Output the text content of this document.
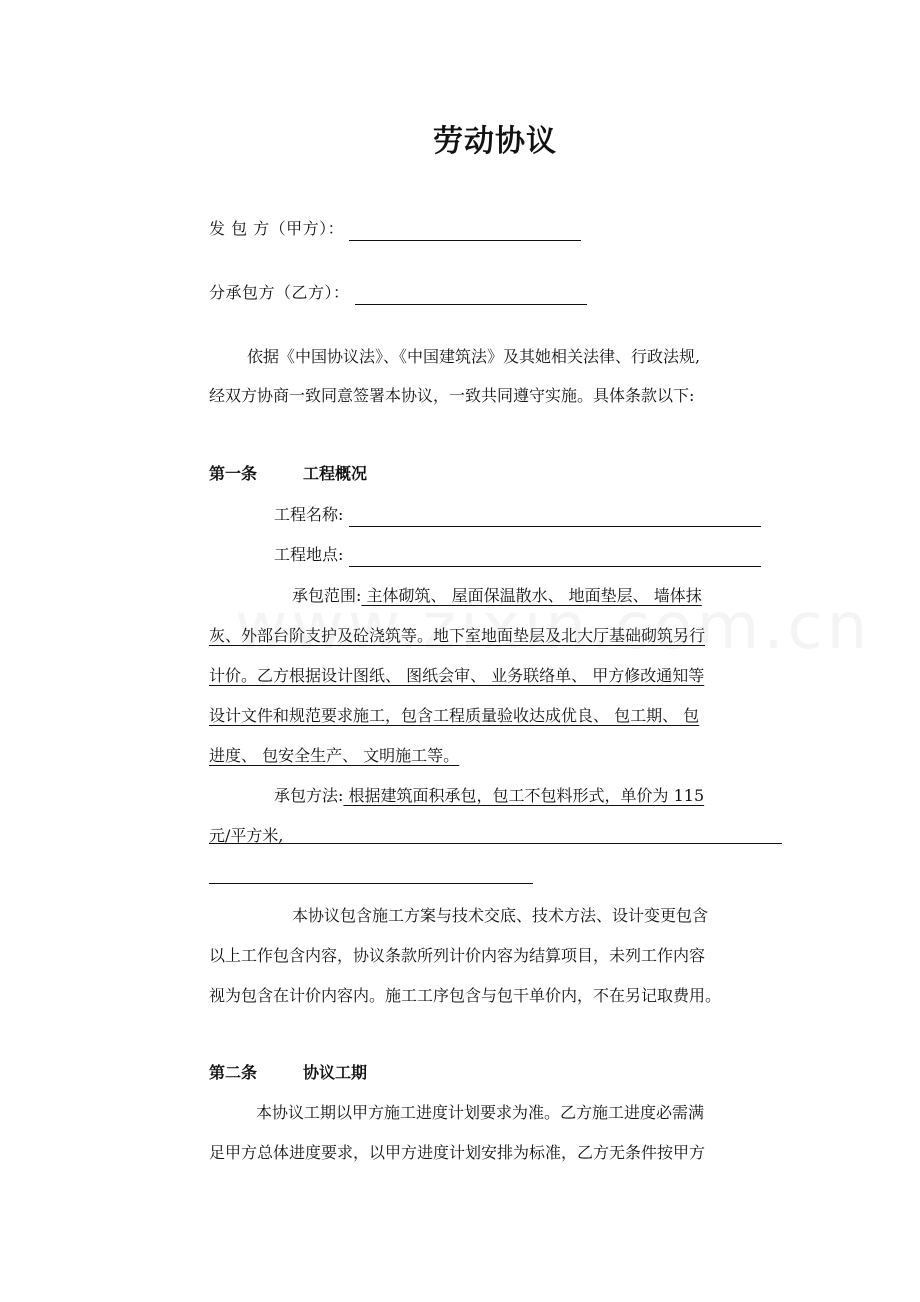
劳动协议
发 包 方（甲方）：
分承包方（乙方）：
依据《中国协议法》、《中国建筑法》及其她相关法律、行政法规,
经双方协商一致同意签署本协议，一致共同遵守实施。具体条款以下:
第一条	工程概况
工程名称:
工程地点:
承包范围: 主体砌筑、 屋面保温散水、 地面垫层、 墙体抹
灰、外部台阶支护及砼浇筑等。地下室地面垫层及北大厅基础砌筑另行
计价。乙方根据设计图纸、 图纸会审、 业务联络单、 甲方修改通知等
设计文件和规范要求施工，包含工程质量验收达成优良、 包工期、 包
进度、 包安全生产、 文明施工等。
承包方法: 根据建筑面积承包，包工不包料形式，单价为 115
元/平方米,
本协议包含施工方案与技术交底、技术方法、设计变更包含
以上工作包含内容，协议条款所列计价内容为结算项目，未列工作内容
视为包含在计价内容内。施工工序包含与包干单价内，不在另记取费用。
第二条	协议工期
本协议工期以甲方施工进度计划要求为准。乙方施工进度必需满
足甲方总体进度要求，以甲方进度计划安排为标准，乙方无条件按甲方
